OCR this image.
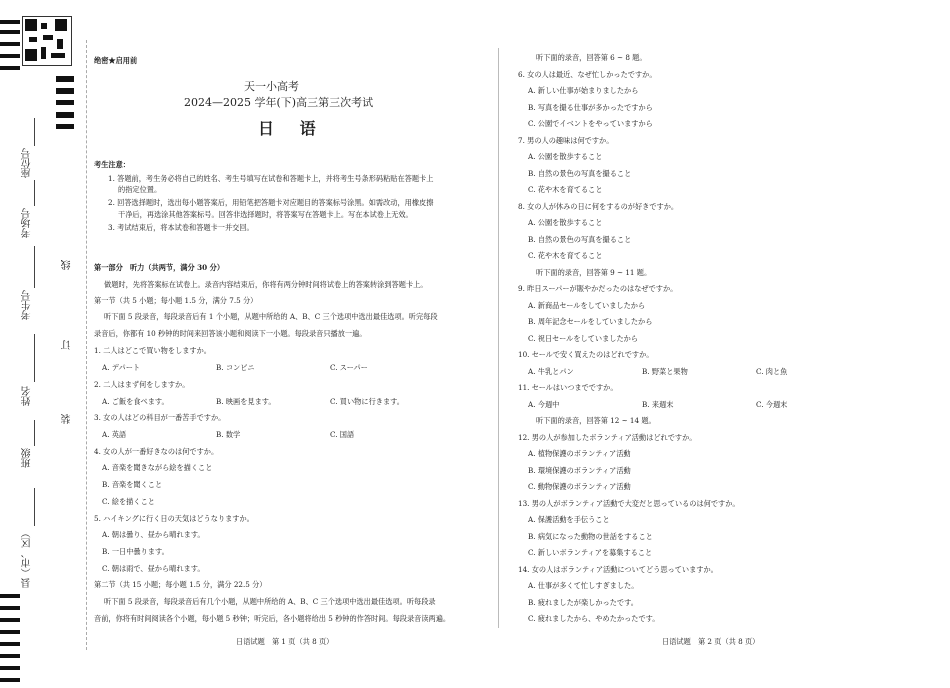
座位号
考场号
考生号
姓名
班级
县（市、区）
线
订
装
绝密★启用前
天一小高考
2024—2025 学年(下)高三第三次考试
日 语
考生注意：
1. 答题前，考生务必将自己的姓名、考生号填写在试卷和答题卡上，并将考生号条形码粘贴在答题卡上
的指定位置。
2. 回答选择题时，选出每小题答案后，用铅笔把答题卡对应题目的答案标号涂黑。如需改动，用橡皮擦
干净后，再选涂其他答案标号。回答非选择题时，将答案写在答题卡上。写在本试卷上无效。
3. 考试结束后，将本试卷和答题卡一并交回。
第一部分　听力（共两节，满分 30 分）
做题时，先将答案标在试卷上。录音内容结束后，你将有两分钟时间将试卷上的答案转涂到答题卡上。
第一节（共 5 小题；每小题 1.5 分，满分 7.5 分）
听下面 5 段录音，每段录音后有 1 个小题，从题中所给的 A、B、C 三个选项中选出最佳选项。听完每段
录音后，你都有 10 秒钟的时间来回答该小题和阅读下一小题。每段录音只播放一遍。
1. 二人はどこで買い物をしますか。
A. デパート	B. コンビニ	C. スーパー
2. 二人はまず何をしますか。
A. ご飯を食べます。	B. 映画を見ます。	C. 買い物に行きます。
3. 女の人はどの科目が一番苦手ですか。
A. 英語	B. 数学	C. 国語
4. 女の人が一番好きなのは何ですか。
A. 音楽を聞きながら絵を描くこと
B. 音楽を聞くこと
C. 絵を描くこと
5. ハイキングに行く日の天気はどうなりますか。
A. 朝は曇り、昼から晴れます。
B. 一日中曇ります。
C. 朝は雨で、昼から晴れます。
第二节（共 15 小题；每小题 1.5 分，满分 22.5 分）
听下面 5 段录音，每段录音后有几个小题，从题中所给的 A、B、C 三个选项中选出最佳选项。听每段录
音前，你将有时间阅读各个小题，每小题 5 秒钟；听完后，各小题将给出 5 秒钟的作答时间。每段录音读两遍。
日语试题　第 1 页（共 8 页）
听下面的录音，回答第 6 ~ 8 题。
6. 女の人は最近、なぜ忙しかったですか。
A. 新しい仕事が始まりましたから
B. 写真を撮る仕事が多かったですから
C. 公園でイベントをやっていますから
7. 男の人の趣味は何ですか。
A. 公園を散歩すること
B. 自然の景色の写真を撮ること
C. 花や木を育てること
8. 女の人が休みの日に何をするのが好きですか。
A. 公園を散歩すること
B. 自然の景色の写真を撮ること
C. 花や木を育てること
听下面的录音，回答第 9 ~ 11 题。
9. 昨日スーパーが賑やかだったのはなぜですか。
A. 新商品セールをしていましたから
B. 周年記念セールをしていましたから
C. 祝日セールをしていましたから
10. セールで安く買えたのはどれですか。
A. 牛乳とパン	B. 野菜と果物	C. 肉と魚
11. セールはいつまでですか。
A. 今週中	B. 来週末	C. 今週末
听下面的录音，回答第 12 ~ 14 题。
12. 男の人が参加したボランティア活動はどれですか。
A. 植物保護のボランティア活動
B. 環境保護のボランティア活動
C. 動物保護のボランティア活動
13. 男の人がボランティア活動で大変だと思っているのは何ですか。
A. 保護活動を手伝うこと
B. 病気になった動物の世話をすること
C. 新しいボランティアを募集すること
14. 女の人はボランティア活動についてどう思っていますか。
A. 仕事が多くて忙しすぎました。
B. 疲れましたが楽しかったです。
C. 疲れましたから、やめたかったです。
日语试题　第 2 页（共 8 页）
